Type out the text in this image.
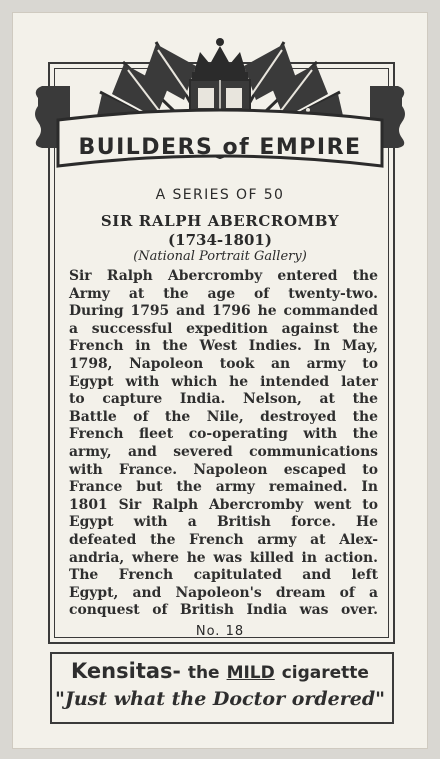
BUILDERS of EMPIRE
A SERIES OF 50
SIR RALPH ABERCROMBY
(1734-1801)
(National Portrait Gallery)
Sir Ralph Abercromby entered the
Army at the age of twenty-two.
During 1795 and 1796 he commanded
a successful expedition against the
French in the West Indies. In May,
1798, Napoleon took an army to
Egypt with which he intended later
to capture India. Nelson, at the
Battle of the Nile, destroyed the
French fleet co-operating with the
army, and severed communications
with France. Napoleon escaped to
France but the army remained. In
1801 Sir Ralph Abercromby went to
Egypt with a British force. He
defeated the French army at Alex-
andria, where he was killed in action.
The French capitulated and left
Egypt, and Napoleon's dream of a
conquest of British India was over.
No. 18
Kensitas- the MILD cigarette
"Just what the Doctor ordered"
